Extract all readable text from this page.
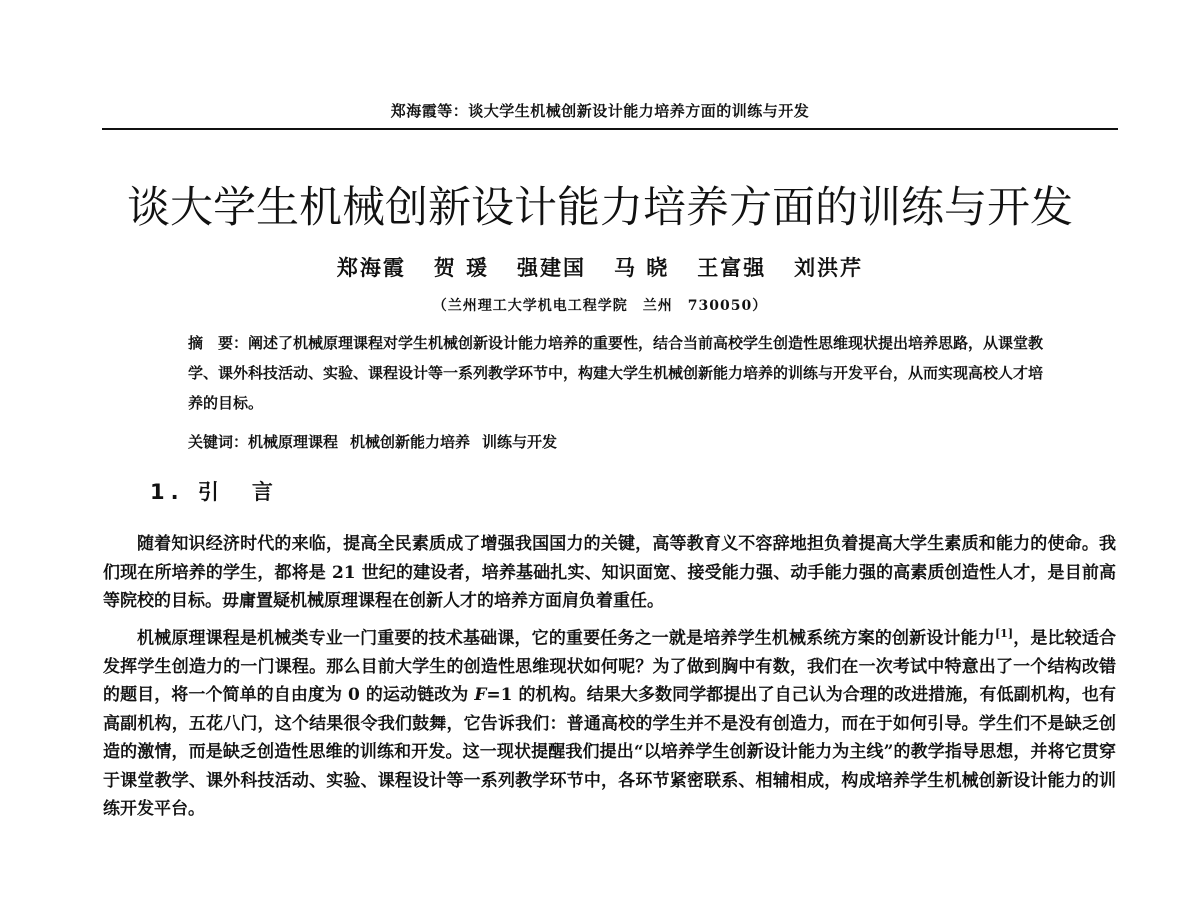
郑海霞等：谈大学生机械创新设计能力培养方面的训练与开发
谈大学生机械创新设计能力培养方面的训练与开发
郑海霞 贺 瑗 强建国 马 晓 王富强 刘洪芹
（兰州理工大学机电工程学院　兰州　730050）
摘　要：阐述了机械原理课程对学生机械创新设计能力培养的重要性，结合当前高校学生创造性思维现状提出培养思路，从课堂教学、课外科技活动、实验、课程设计等一系列教学环节中，构建大学生机械创新能力培养的训练与开发平台，从而实现高校人才培养的目标。
关键词：机械原理课程 机械创新能力培养 训练与开发
1. 引　言

随着知识经济时代的来临，提高全民素质成了增强我国国力的关键，高等教育义不容辞地担负着提高大学生素质和能力的使命。我们现在所培养的学生，都将是 21 世纪的建设者，培养基础扎实、知识面宽、接受能力强、动手能力强的高素质创造性人才，是目前高等院校的目标。毋庸置疑机械原理课程在创新人才的培养方面肩负着重任。

机械原理课程是机械类专业一门重要的技术基础课，它的重要任务之一就是培养学生机械系统方案的创新设计能力[1]，是比较适合发挥学生创造力的一门课程。那么目前大学生的创造性思维现状如何呢？为了做到胸中有数，我们在一次考试中特意出了一个结构改错的题目，将一个简单的自由度为 0 的运动链改为 F=1 的机构。结果大多数同学都提出了自己认为合理的改进措施，有低副机构，也有高副机构，五花八门，这个结果很令我们鼓舞，它告诉我们：普通高校的学生并不是没有创造力，而在于如何引导。学生们不是缺乏创造的激情，而是缺乏创造性思维的训练和开发。这一现状提醒我们提出“以培养学生创新设计能力为主线”的教学指导思想，并将它贯穿于课堂教学、课外科技活动、实验、课程设计等一系列教学环节中，各环节紧密联系、相辅相成，构成培养学生机械创新设计能力的训练开发平台。
